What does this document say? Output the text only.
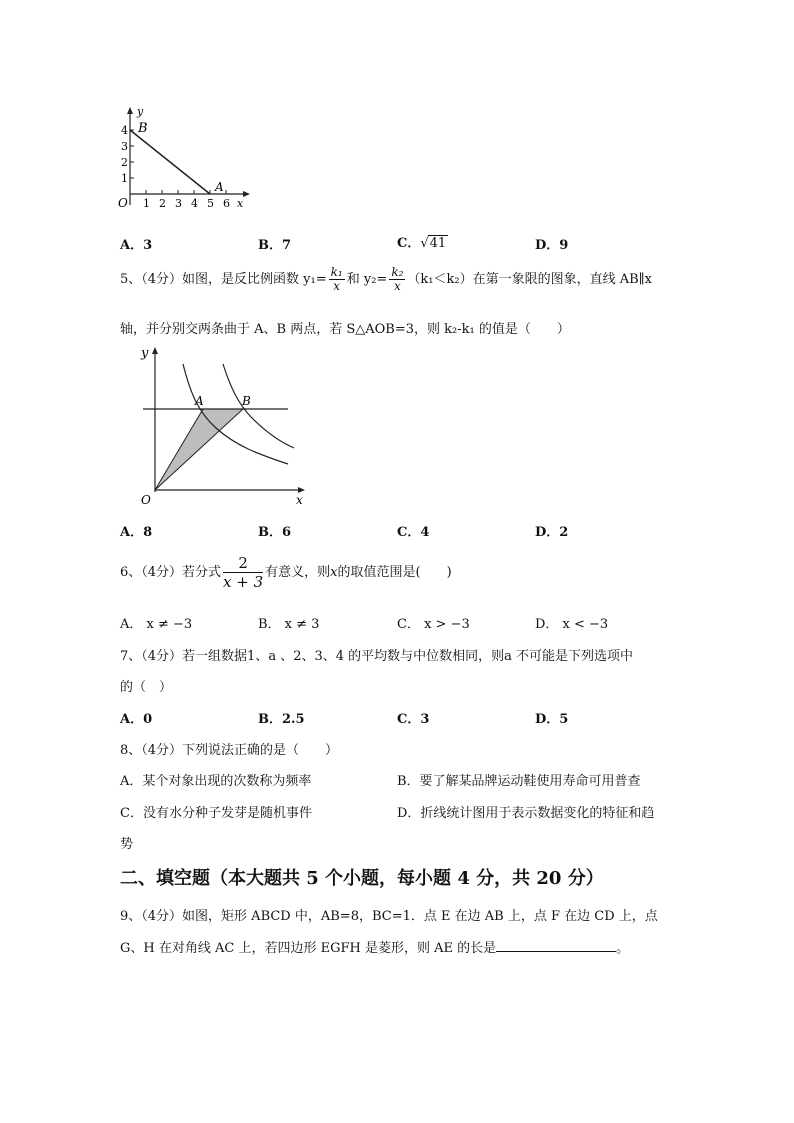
y
B
A
O
1
2
3
4
1 2 3 4 5 6 x
A．3	B．7	C．√41	D．9
5、（4分）如图，是反比例函数 $y_1= \frac{\text{k₁}}{x}$ 和 $y_2= \frac{\text{k₂}}{x} (k_1<k_2)$在第一象限的图象，直线 AB∥x
轴，并分别交两条曲于 A、B 两点，若 S△AOB=3，则 k₂-k₁ 的值是（　　）
y
A	B
O	x
A．8	B．6	C．4	D．2
6、（4分）若分式 $\frac{2}{x + 3}$ 有意义，则x的取值范围是(　　)
A． x ≠ −3	B． x ≠ 3	C． x > −3	D． x < −3
7、（4分）若一组数据1、a 、2、3、4 的平均数与中位数相同，则a 不可能是下列选项中
的（　）
A．0	B．2.5	C．3	D．5
8、（4分）下列说法正确的是（　　）
A．某个对象出现的次数称为频率	B．要了解某品牌运动鞋使用寿命可用普查
C．没有水分种子发芽是随机事件	D．折线统计图用于表示数据变化的特征和趋
势
二、填空题（本大题共 5 个小题，每小题 4 分，共 20 分）
9、（4分）如图，矩形 ABCD 中，AB=8，BC=1．点 E 在边 AB 上，点 F 在边 CD 上，点
G、H 在对角线 AC 上，若四边形 EGFH 是菱形，则 AE 的长是	。
